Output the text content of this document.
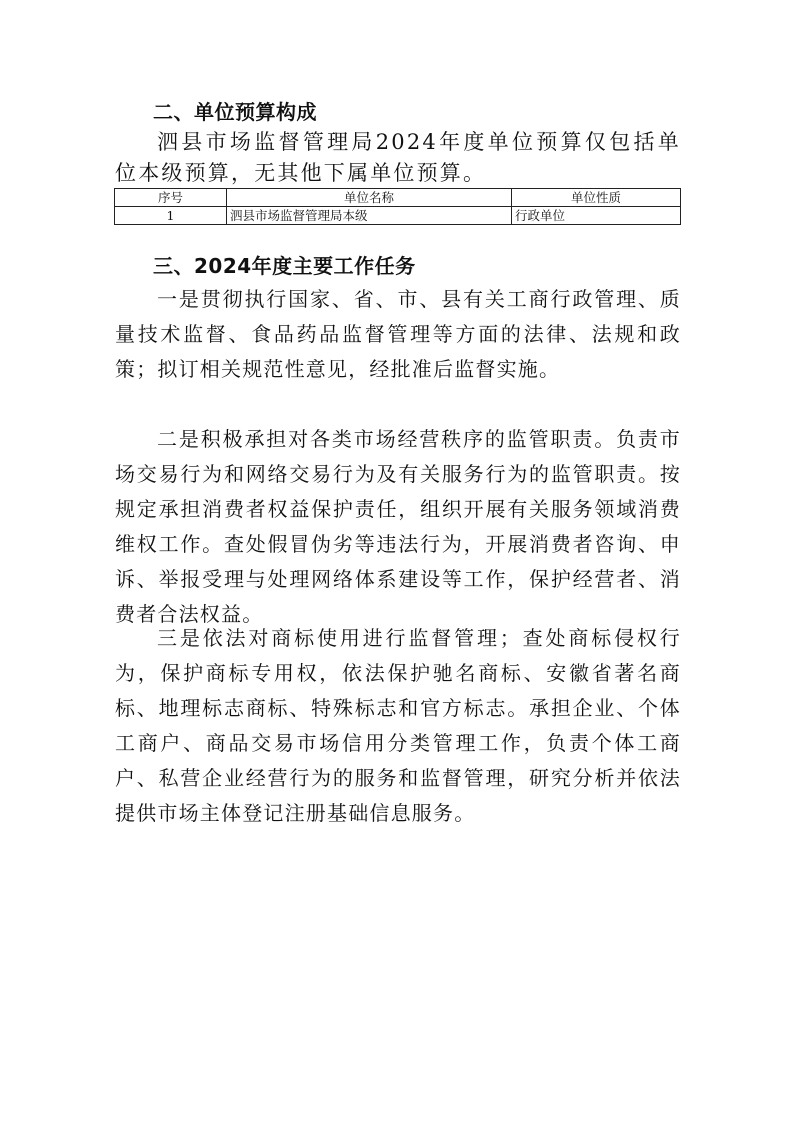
二、单位预算构成

泗县市场监督管理局2024年度单位预算仅包括单位本级预算，无其他下属单位预算。

序号	单位名称	单位性质
1	泗县市场监督管理局本级	行政单位
三、2024年度主要工作任务

一是贯彻执行国家、省、市、县有关工商行政管理、质量技术监督、食品药品监督管理等方面的法律、法规和政策；拟订相关规范性意见，经批准后监督实施。

二是积极承担对各类市场经营秩序的监管职责。负责市场交易行为和网络交易行为及有关服务行为的监管职责。按规定承担消费者权益保护责任，组织开展有关服务领域消费维权工作。查处假冒伪劣等违法行为，开展消费者咨询、申诉、举报受理与处理网络体系建设等工作，保护经营者、消费者合法权益。

三是依法对商标使用进行监督管理；查处商标侵权行为，保护商标专用权，依法保护驰名商标、安徽省著名商标、地理标志商标、特殊标志和官方标志。承担企业、个体工商户、商品交易市场信用分类管理工作，负责个体工商户、私营企业经营行为的服务和监督管理，研究分析并依法提供市场主体登记注册基础信息服务。
